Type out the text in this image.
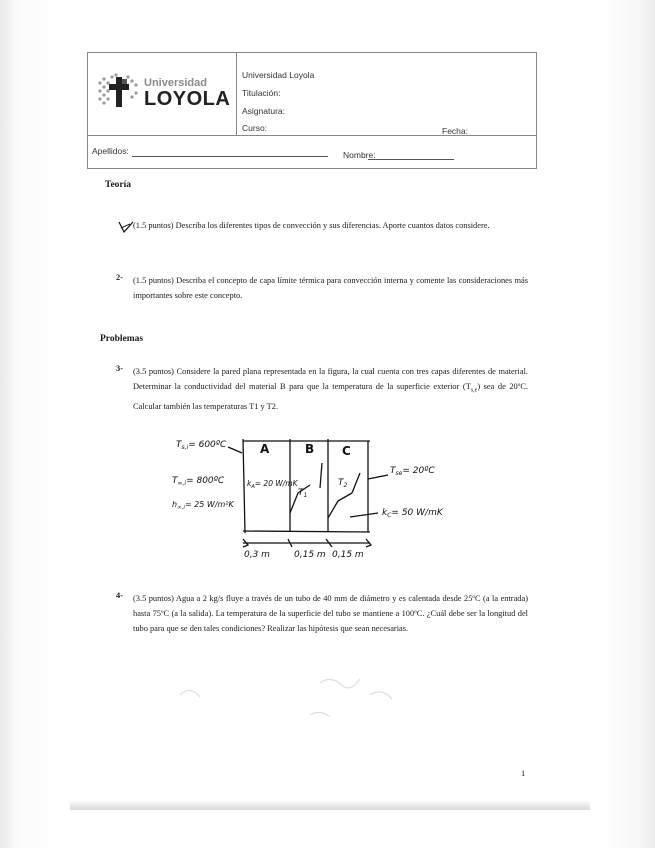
Universidad
LOYOLA
Universidad Loyola
Titulación:
Asignatura:
Curso:	Fecha:
Apellidos:	Nombre:
Teoría
(1.5 puntos) Describa los diferentes tipos de convección y sus diferencias. Aporte cuantos datos considere.
2- (1.5 puntos) Describa el concepto de capa límite térmica para convección interna y comente las consideraciones más importantes sobre este concepto.
Problemas
3- (3.5 puntos) Considere la pared plana representada en la figura, la cual cuenta con tres capas diferentes de material. Determinar la conductividad del material B para que la temperatura de la superficie exterior $(T_{s,e})$ sea de 20ºC. Calcular también las temperaturas T1 y T2.
A	B C
$T_{s,i}=$ 600ºC
$T_{\infty,i}=$ 800ºC
$h_{\infty,i}= 25$ W/m²K
$k_A= 20$ W/mK
$T_1$
$T_2$
$T_{se}=$ 20ºC
$k_C= 50$ W/mK
0,3 m	0,15 m 0,15 m
4- (3.5 puntos) Agua a 2 kg/s fluye a través de un tubo de 40 mm de diámetro y es calentada desde 25ºC (a la entrada) hasta 75ºC (a la salida). La temperatura de la superficie del tubo se mantiene a 100ºC. ¿Cuál debe ser la longitud del tubo para que se den tales condiciones? Realizar las hipótesis que sean necesarias.
1
